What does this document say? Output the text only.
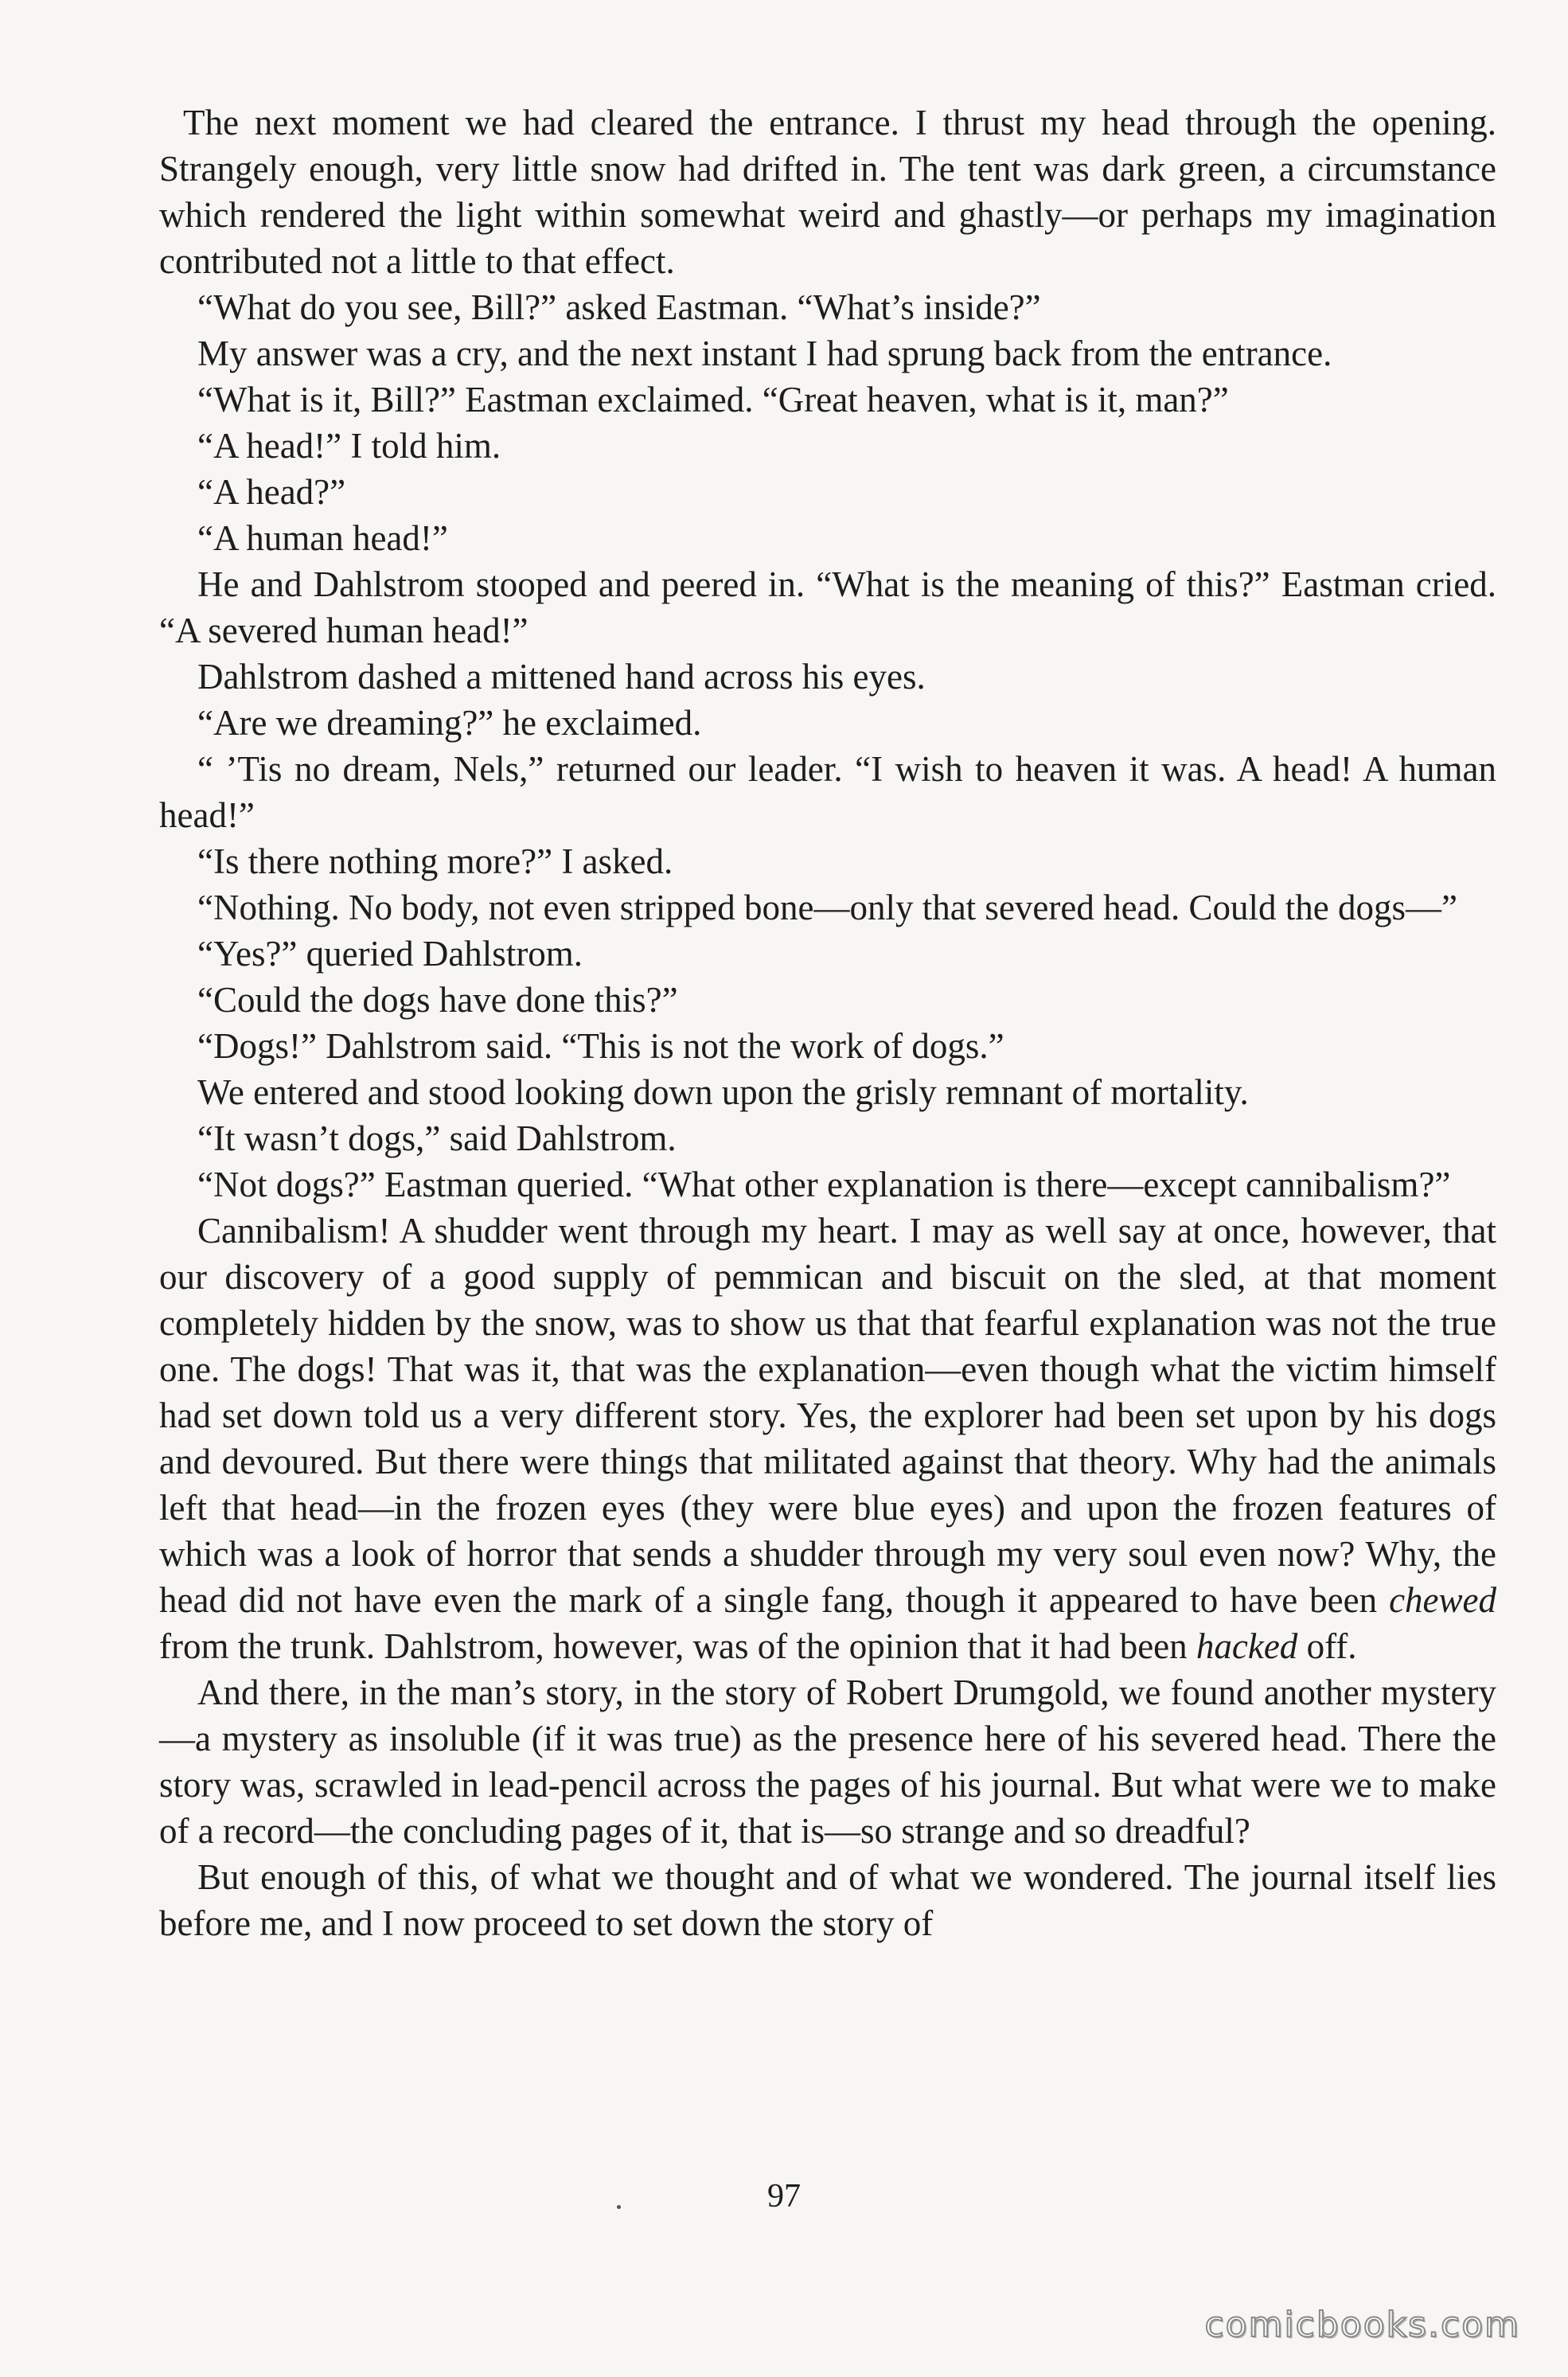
The next moment we had cleared the entrance. I thrust my head through the opening. Strangely enough, very little snow had drifted in. The tent was dark green, a circumstance which rendered the light within somewhat weird and ghastly—or perhaps my imagination contributed not a little to that effect.

“What do you see, Bill?” asked Eastman. “What’s inside?”

My answer was a cry, and the next instant I had sprung back from the entrance.

“What is it, Bill?” Eastman exclaimed. “Great heaven, what is it, man?”

“A head!” I told him.

“A head?”

“A human head!”

He and Dahlstrom stooped and peered in. “What is the meaning of this?” Eastman cried. “A severed human head!”

Dahlstrom dashed a mittened hand across his eyes.

“Are we dreaming?” he exclaimed.

“ ’Tis no dream, Nels,” returned our leader. “I wish to heaven it was. A head! A human head!”

“Is there nothing more?” I asked.

“Nothing. No body, not even stripped bone—only that severed head. Could the dogs—”

“Yes?” queried Dahlstrom.

“Could the dogs have done this?”

“Dogs!” Dahlstrom said. “This is not the work of dogs.”

We entered and stood looking down upon the grisly remnant of mortality.

“It wasn’t dogs,” said Dahlstrom.

“Not dogs?” Eastman queried. “What other explanation is there—except cannibalism?”

Cannibalism! A shudder went through my heart. I may as well say at once, however, that our discovery of a good supply of pemmican and biscuit on the sled, at that moment completely hidden by the snow, was to show us that that fearful explanation was not the true one. The dogs! That was it, that was the explanation—even though what the victim himself had set down told us a very different story. Yes, the explorer had been set upon by his dogs and devoured. But there were things that militated against that theory. Why had the animals left that head—in the frozen eyes (they were blue eyes) and upon the frozen features of which was a look of horror that sends a shudder through my very soul even now? Why, the head did not have even the mark of a single fang, though it appeared to have been chewed from the trunk. Dahlstrom, however, was of the opinion that it had been hacked off.

And there, in the man’s story, in the story of Robert Drumgold, we found another mystery—a mystery as insoluble (if it was true) as the presence here of his severed head. There the story was, scrawled in lead-pencil across the pages of his journal. But what were we to make of a record—the concluding pages of it, that is—so strange and so dreadful?

But enough of this, of what we thought and of what we wondered. The journal itself lies before me, and I now proceed to set down the story of

97
comicbooks.com
